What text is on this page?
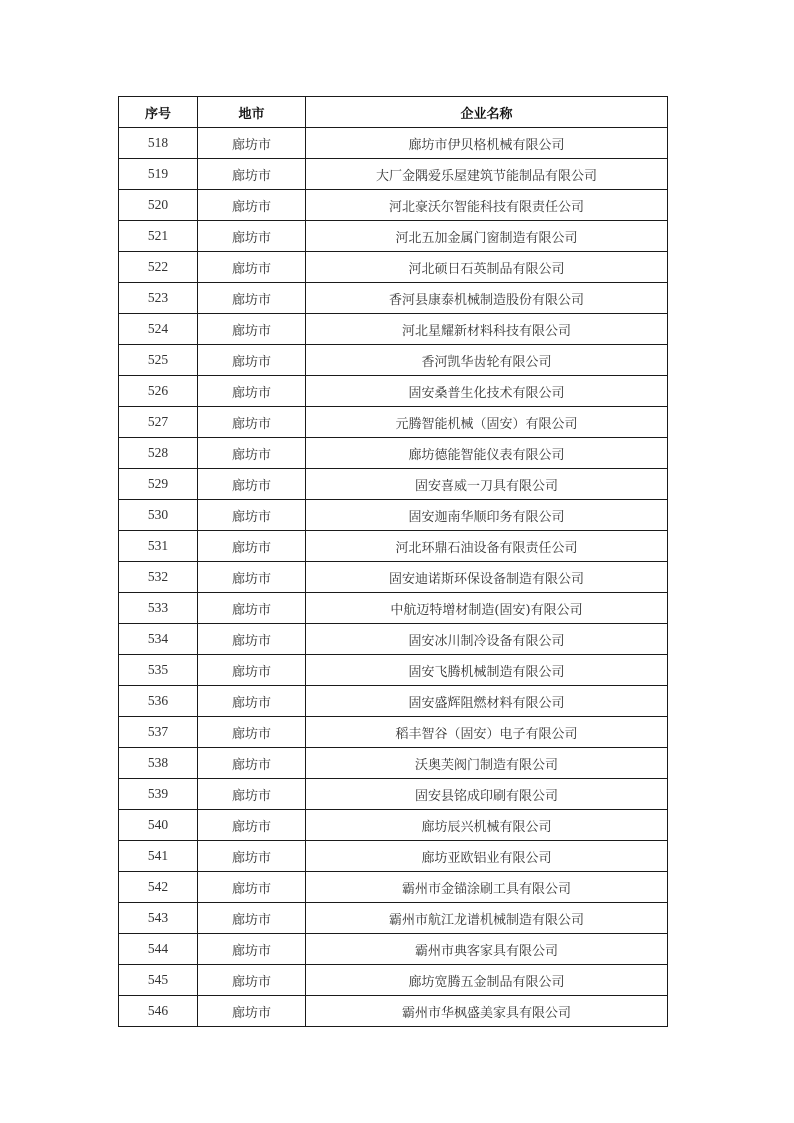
序号	地市	企业名称
518	廊坊市	廊坊市伊贝格机械有限公司
519	廊坊市	大厂金隅爱乐屋建筑节能制品有限公司
520	廊坊市	河北豪沃尔智能科技有限责任公司
521	廊坊市	河北五加金属门窗制造有限公司
522	廊坊市	河北硕日石英制品有限公司
523	廊坊市	香河县康泰机械制造股份有限公司
524	廊坊市	河北星耀新材料科技有限公司
525	廊坊市	香河凯华齿轮有限公司
526	廊坊市	固安桑普生化技术有限公司
527	廊坊市	元腾智能机械（固安）有限公司
528	廊坊市	廊坊德能智能仪表有限公司
529	廊坊市	固安喜威一刀具有限公司
530	廊坊市	固安迦南华顺印务有限公司
531	廊坊市	河北环鼎石油设备有限责任公司
532	廊坊市	固安迪诺斯环保设备制造有限公司
533	廊坊市	中航迈特增材制造(固安)有限公司
534	廊坊市	固安冰川制冷设备有限公司
535	廊坊市	固安飞腾机械制造有限公司
536	廊坊市	固安盛辉阻燃材料有限公司
537	廊坊市	稻丰智谷（固安）电子有限公司
538	廊坊市	沃奥芙阀门制造有限公司
539	廊坊市	固安县铭成印刷有限公司
540	廊坊市	廊坊辰兴机械有限公司
541	廊坊市	廊坊亚欧铝业有限公司
542	廊坊市	霸州市金锚涂刷工具有限公司
543	廊坊市	霸州市航江龙谱机械制造有限公司
544	廊坊市	霸州市典客家具有限公司
545	廊坊市	廊坊宽腾五金制品有限公司
546	廊坊市	霸州市华枫盛美家具有限公司
